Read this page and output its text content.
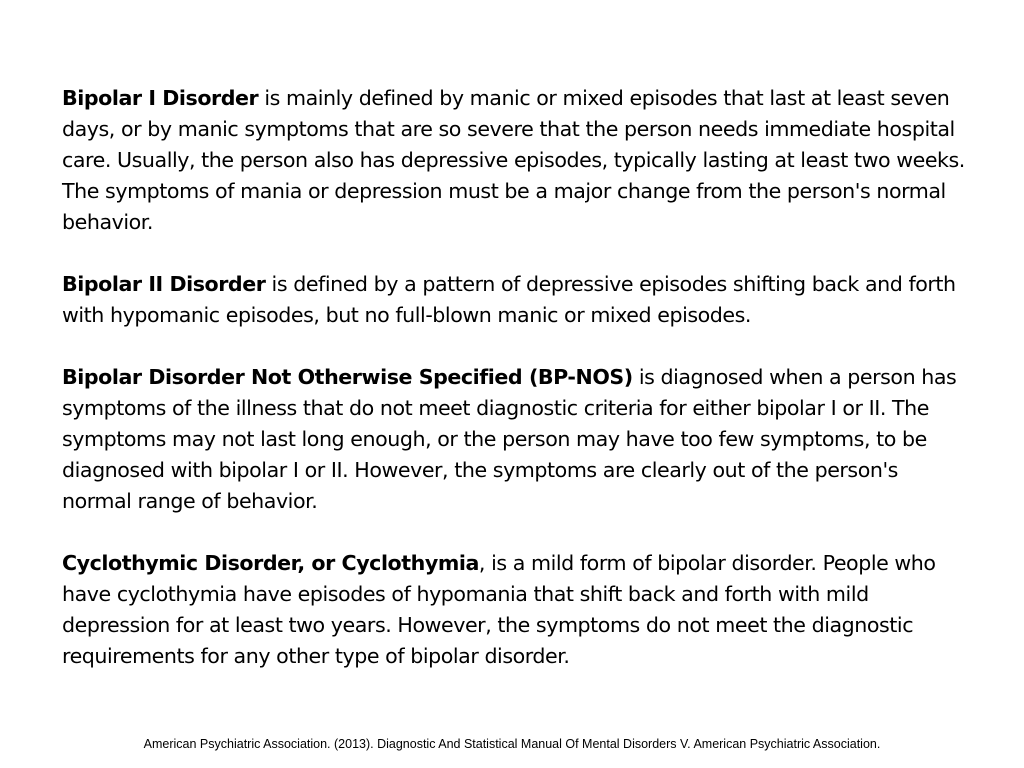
Bipolar I Disorder is mainly defined by manic or mixed episodes that last at least seven days, or by manic symptoms that are so severe that the person needs immediate hospital care. Usually, the person also has depressive episodes, typically lasting at least two weeks. The symptoms of mania or depression must be a major change from the person's normal behavior.

Bipolar II Disorder is defined by a pattern of depressive episodes shifting back and forth with hypomanic episodes, but no full-blown manic or mixed episodes.

Bipolar Disorder Not Otherwise Specified (BP-NOS) is diagnosed when a person has symptoms of the illness that do not meet diagnostic criteria for either bipolar I or II. The symptoms may not last long enough, or the person may have too few symptoms, to be diagnosed with bipolar I or II. However, the symptoms are clearly out of the person's normal range of behavior.

Cyclothymic Disorder, or Cyclothymia, is a mild form of bipolar disorder. People who have cyclothymia have episodes of hypomania that shift back and forth with mild depression for at least two years. However, the symptoms do not meet the diagnostic requirements for any other type of bipolar disorder.

American Psychiatric Association. (2013). Diagnostic And Statistical Manual Of Mental Disorders V. American Psychiatric Association.
